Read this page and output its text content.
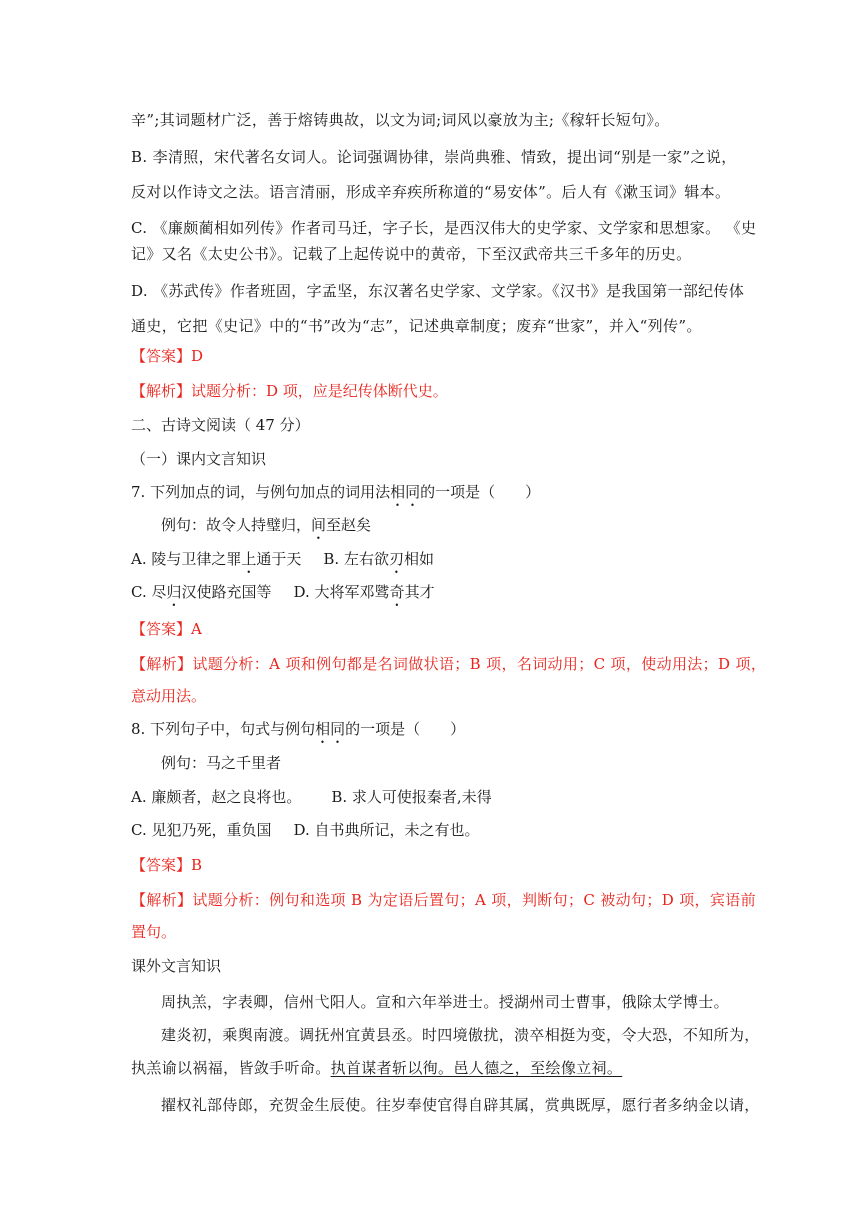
辛”;其词题材广泛，善于熔铸典故，以文为词;词风以豪放为主;《稼轩长短句》。
B. 李清照，宋代著名女词人。论词强调协律，崇尚典雅、情致，提出词“别是一家”之说，
反对以作诗文之法。语言清丽，形成辛弃疾所称道的“易安体”。后人有《漱玉词》辑本。
C. 《廉颇蔺相如列传》作者司马迁，字子长，是西汉伟大的史学家、文学家和思想家。 《史
记》又名《太史公书》。记载了上起传说中的黄帝，下至汉武帝共三千多年的历史。
D. 《苏武传》作者班固，字孟坚，东汉著名史学家、文学家。《汉书》是我国第一部纪传体
通史，它把《史记》中的“书”改为“志”，记述典章制度；废弃“世家”，并入“列传”。
【答案】D
【解析】试题分析：D 项，应是纪传体断代史。
二、古诗文阅读（ 47 分）
（一）课内文言知识
7. 下列加点的词，与例句加点的词用法相同的一项是（　　）
例句：故令人持璧归，间至赵矣
A. 陵与卫律之罪上通于天 B. 左右欲刃相如
C. 尽归汉使路充国等 D. 大将军邓骘奇其才
【答案】A
【解析】试题分析：A 项和例句都是名词做状语；B 项，名词动用；C 项，使动用法；D 项，
意动用法。
8. 下列句子中，句式与例句相同的一项是（　　）
例句：马之千里者
A. 廉颇者，赵之良将也。 B. 求人可使报秦者,未得
C. 见犯乃死，重负国 D. 自书典所记，未之有也。
【答案】B
【解析】试题分析：例句和选项 B 为定语后置句；A 项，判断句；C 被动句；D 项，宾语前
置句。
课外文言知识
周执羔，字表卿，信州弋阳人。宣和六年举进士。授湖州司士曹事，俄除太学博士。
建炎初，乘舆南渡。调抚州宜黄县丞。时四境傲扰，溃卒相挺为变，令大恐，不知所为，
执羔谕以祸福，皆敛手听命。执首谋者斩以徇。邑人德之，至绘像立祠。
擢权礼部侍郎，充贺金生辰使。往岁奉使官得自辟其属，赏典既厚，愿行者多纳金以请，
